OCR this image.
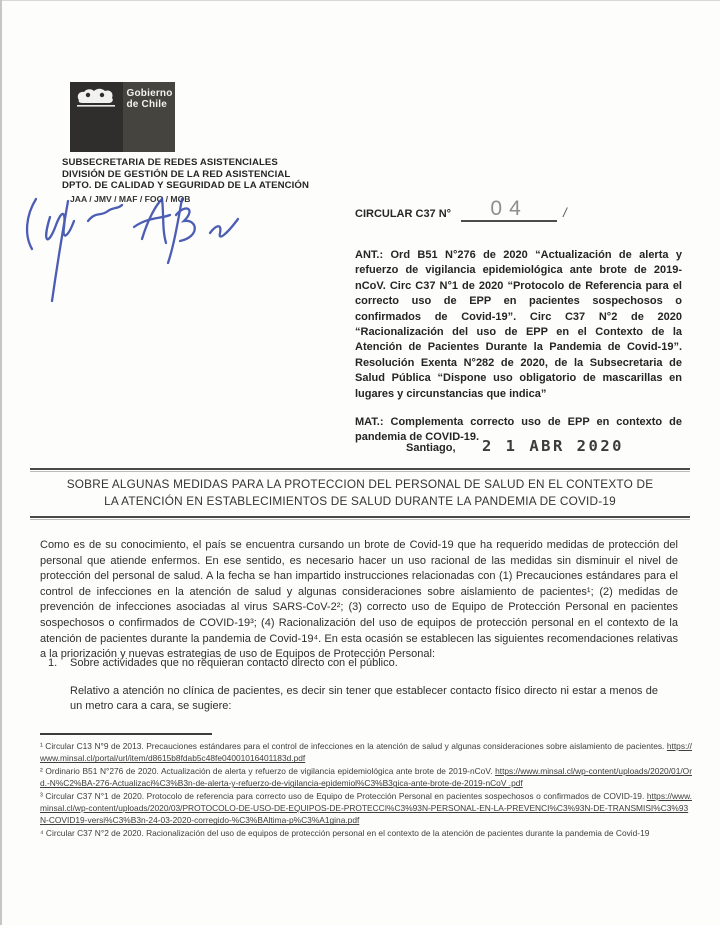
Gobierno
de Chile
SUBSECRETARIA DE REDES ASISTENCIALES
DIVISIÓN DE GESTIÓN DE LA RED ASISTENCIAL
DPTO. DE CALIDAD Y SEGURIDAD DE LA ATENCIÓN
JAA / JMV / MAF / FOO / MOB
CIRCULAR C37 N°	04	/

ANT.: Ord B51 N°276 de 2020 “Actualización de alerta y refuerzo de vigilancia epidemiológica ante brote de 2019-nCoV. Circ C37 N°1 de 2020 “Protocolo de Referencia para el correcto uso de EPP en pacientes sospechosos o confirmados de Covid-19”. Circ C37 N°2 de 2020 “Racionalización del uso de EPP en el Contexto de la Atención de Pacientes Durante la Pandemia de Covid-19”. Resolución Exenta N°282 de 2020, de la Subsecretaria de Salud Pública “Dispone uso obligatorio de mascarillas en lugares y circunstancias que indica”

MAT.: Complementa correcto uso de EPP en contexto de pandemia de COVID-19.

Santiago, 2 1 ABR 2020
SOBRE ALGUNAS MEDIDAS PARA LA PROTECCION DEL PERSONAL DE SALUD EN EL CONTEXTO DE LA ATENCIÓN EN ESTABLECIMIENTOS DE SALUD DURANTE LA PANDEMIA DE COVID-19

Como es de su conocimiento, el país se encuentra cursando un brote de Covid-19 que ha requerido medidas de protección del personal que atiende enfermos. En ese sentido, es necesario hacer un uso racional de las medidas sin disminuir el nivel de protección del personal de salud. A la fecha se han impartido instrucciones relacionadas con (1) Precauciones estándares para el control de infecciones en la atención de salud y algunas consideraciones sobre aislamiento de pacientes¹; (2) medidas de prevención de infecciones asociadas al virus SARS-CoV-2²; (3) correcto uso de Equipo de Protección Personal en pacientes sospechosos o confirmados de COVID-19³; (4) Racionalización del uso de equipos de protección personal en el contexto de la atención de pacientes durante la pandemia de Covid-19⁴. En esta ocasión se establecen las siguientes recomendaciones relativas a la priorización y nuevas estrategias de uso de Equipos de Protección Personal:

1.	Sobre actividades que no requieran contacto directo con el público.
Relativo a atención no clínica de pacientes, es decir sin tener que establecer contacto físico directo ni estar a menos de un metro cara a cara, se sugiere:

¹ Circular C13 N°9 de 2013. Precauciones estándares para el control de infecciones en la atención de salud y algunas consideraciones sobre aislamiento de pacientes. https://www.minsal.cl/portal/url/item/d8615b8fdab5c48fe04001016401183d.pdf

² Ordinario B51 N°276 de 2020. Actualización de alerta y refuerzo de vigilancia epidemiológica ante brote de 2019-nCoV. https://www.minsal.cl/wp-content/uploads/2020/01/Ord.-N%C2%BA-276-Actualizaci%C3%B3n-de-alerta-y-refuerzo-de-vigilancia-epidemiol%C3%B3gica-ante-brote-de-2019-nCoV .pdf

³ Circular C37 N°1 de 2020. Protocolo de referencia para correcto uso de Equipo de Protección Personal en pacientes sospechosos o confirmados de COVID-19. https://www.minsal.cl/wp-content/uploads/2020/03/PROTOCOLO-DE-USO-DE-EQUIPOS-DE-PROTECCI%C3%93N-PERSONAL-EN-LA-PREVENCI%C3%93N-DE-TRANSMISI%C3%93N-COVID19-versi%C3%B3n-24-03-2020-corregido-%C3%BAltima-p%C3%A1gina.pdf

⁴ Circular C37 N°2 de 2020. Racionalización del uso de equipos de protección personal en el contexto de la atención de pacientes durante la pandemia de Covid-19
